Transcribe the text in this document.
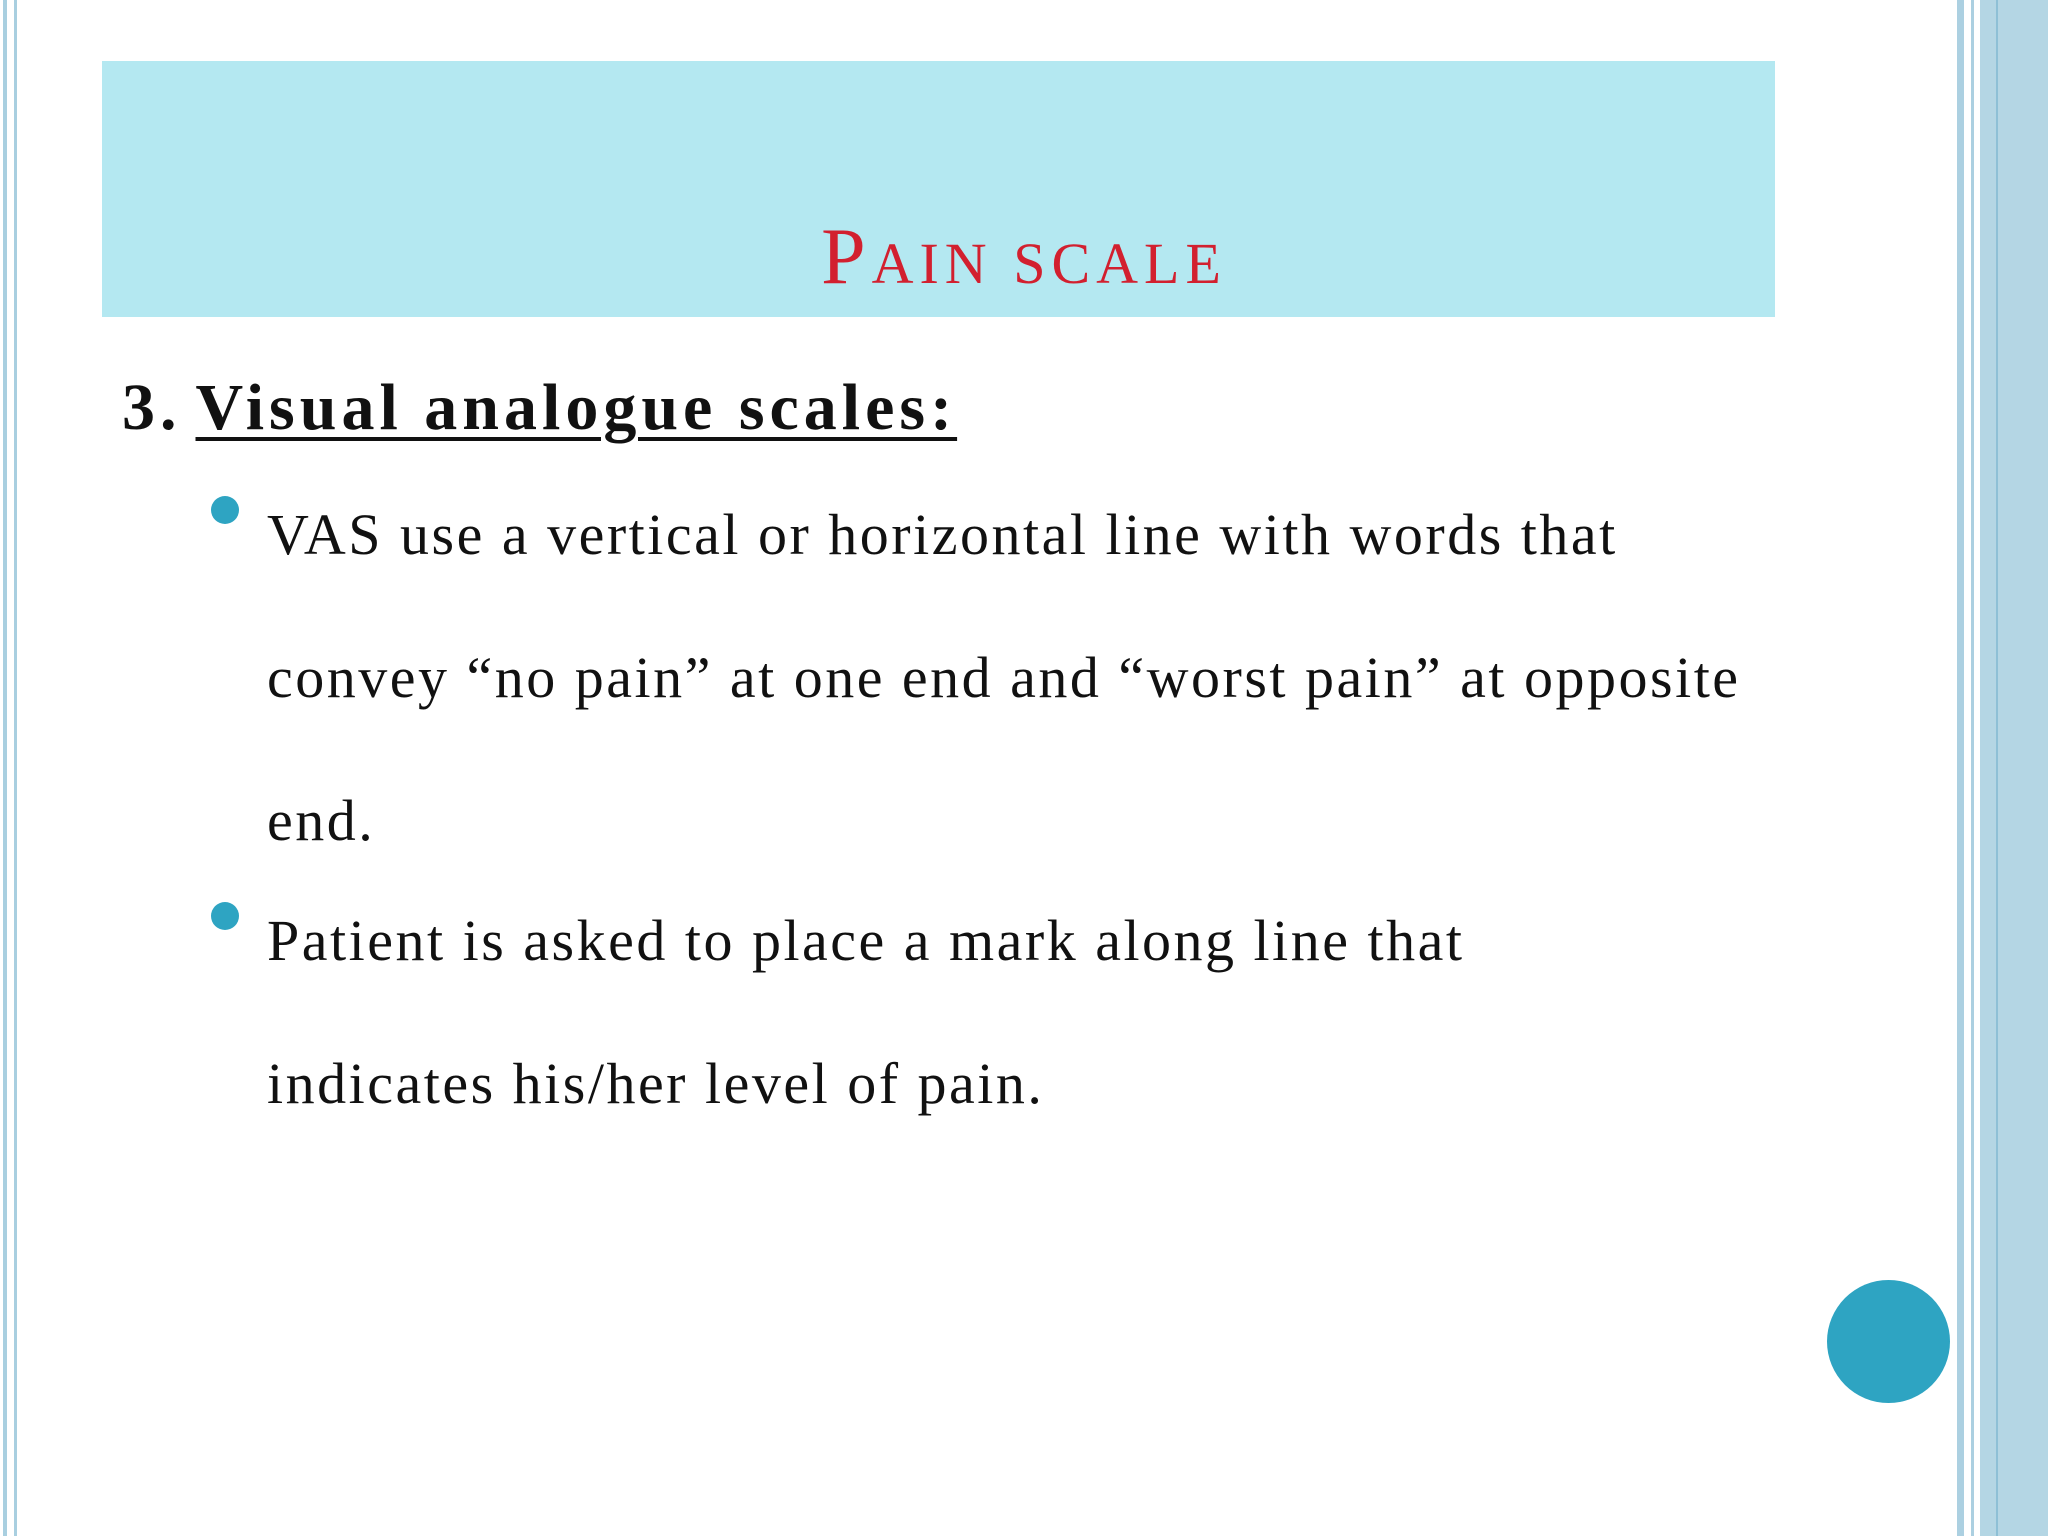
PAIN SCALE
3. Visual analogue scales:
VAS use a vertical or horizontal line with words that convey “no pain” at one end and “worst pain” at opposite end.
Patient is asked to place a mark along line that indicates his/her level of pain.
